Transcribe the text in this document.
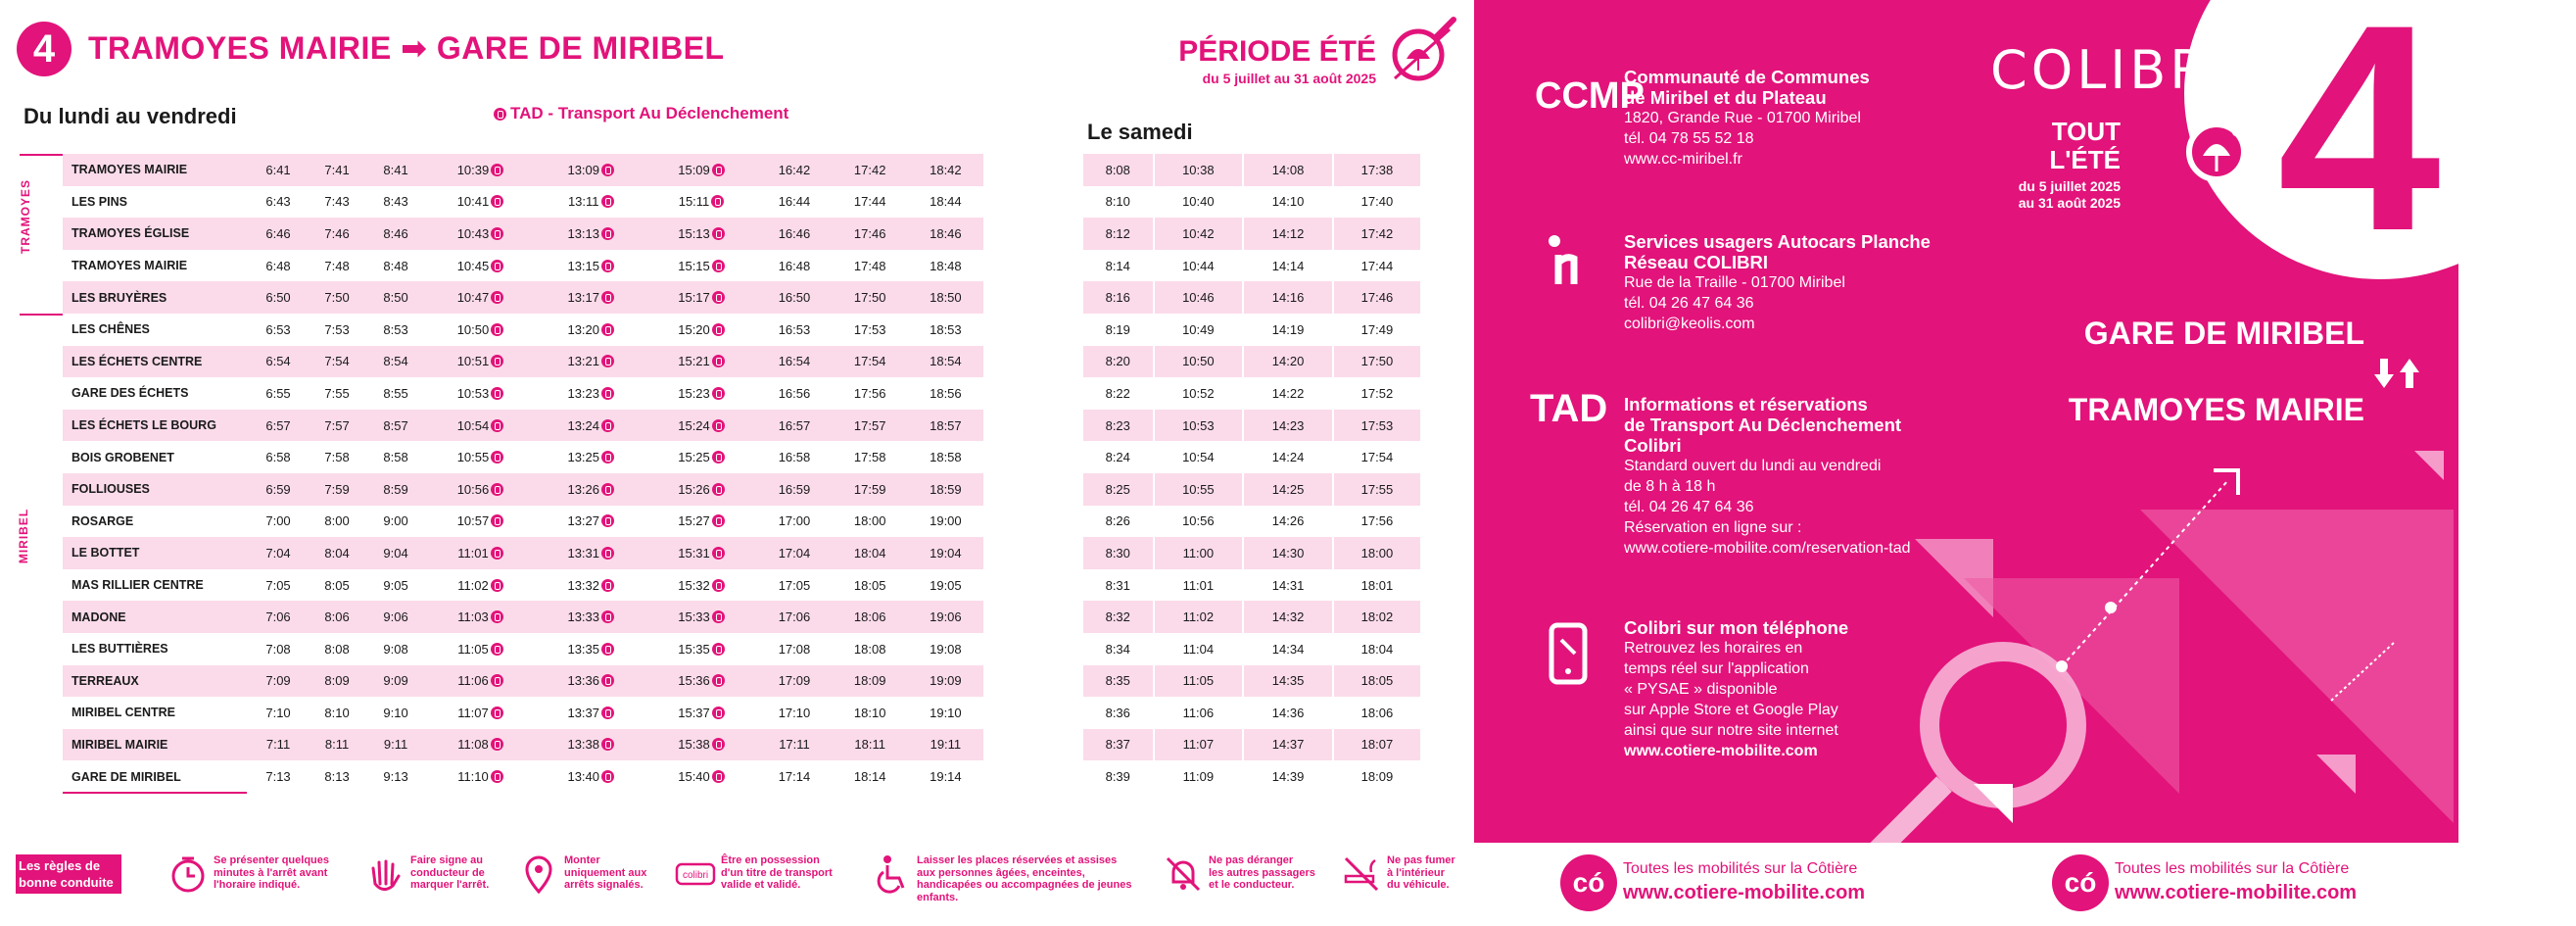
4	TRAMOYES MAIRIE ➡ GARE DE MIRIBEL	PÉRIODE ÉTÉ
du 5 juillet au 31 août 2025
Du lundi au vendredi	TAD - Transport Au Déclenchement
Le samedi
TRAMOYES
MIRIBEL
TRAMOYES MAIRIE	6:41	7:41	8:41	10:39	13:09	15:09	16:42	17:42	18:42
LES PINS	6:43	7:43	8:43	10:41	13:11	15:11	16:44	17:44	18:44
TRAMOYES ÉGLISE	6:46	7:46	8:46	10:43	13:13	15:13	16:46	17:46	18:46
TRAMOYES MAIRIE	6:48	7:48	8:48	10:45	13:15	15:15	16:48	17:48	18:48
LES BRUYÈRES	6:50	7:50	8:50	10:47	13:17	15:17	16:50	17:50	18:50
LES CHÊNES	6:53	7:53	8:53	10:50	13:20	15:20	16:53	17:53	18:53
LES ÉCHETS CENTRE	6:54	7:54	8:54	10:51	13:21	15:21	16:54	17:54	18:54
GARE DES ÉCHETS	6:55	7:55	8:55	10:53	13:23	15:23	16:56	17:56	18:56
LES ÉCHETS LE BOURG	6:57	7:57	8:57	10:54	13:24	15:24	16:57	17:57	18:57
BOIS GROBENET	6:58	7:58	8:58	10:55	13:25	15:25	16:58	17:58	18:58
FOLLIOUSES	6:59	7:59	8:59	10:56	13:26	15:26	16:59	17:59	18:59
ROSARGE	7:00	8:00	9:00	10:57	13:27	15:27	17:00	18:00	19:00
LE BOTTET	7:04	8:04	9:04	11:01	13:31	15:31	17:04	18:04	19:04
MAS RILLIER CENTRE	7:05	8:05	9:05	11:02	13:32	15:32	17:05	18:05	19:05
MADONE	7:06	8:06	9:06	11:03	13:33	15:33	17:06	18:06	19:06
LES BUTTIÈRES	7:08	8:08	9:08	11:05	13:35	15:35	17:08	18:08	19:08
TERREAUX	7:09	8:09	9:09	11:06	13:36	15:36	17:09	18:09	19:09
MIRIBEL CENTRE	7:10	8:10	9:10	11:07	13:37	15:37	17:10	18:10	19:10
MIRIBEL MAIRIE	7:11	8:11	9:11	11:08	13:38	15:38	17:11	18:11	19:11
GARE DE MIRIBEL	7:13	8:13	9:13	11:10	13:40	15:40	17:14	18:14	19:14
8:08	10:38	14:08	17:38
8:10	10:40	14:10	17:40
8:12	10:42	14:12	17:42
8:14	10:44	14:14	17:44
8:16	10:46	14:16	17:46
8:19	10:49	14:19	17:49
8:20	10:50	14:20	17:50
8:22	10:52	14:22	17:52
8:23	10:53	14:23	17:53
8:24	10:54	14:24	17:54
8:25	10:55	14:25	17:55
8:26	10:56	14:26	17:56
8:30	11:00	14:30	18:00
8:31	11:01	14:31	18:01
8:32	11:02	14:32	18:02
8:34	11:04	14:34	18:04
8:35	11:05	14:35	18:05
8:36	11:06	14:36	18:06
8:37	11:07	14:37	18:07
8:39	11:09	14:39	18:09
Les règles de bonne conduite
Se présenter quelques
minutes à l'arrêt avant
l'horaire indiqué.
Faire signe au
conducteur de
marquer l'arrêt.
Monter
uniquement aux
arrêts signalés.
colibri
Être en possession
d'un titre de transport
valide et validé.
Laisser les places réservées et assises
aux personnes âgées, enceintes,
handicapées ou accompagnées de jeunes
enfants.
Ne pas déranger
les autres passagers
et le conducteur.
Ne pas fumer
à l'intérieur
du véhicule.
4
COLIBRI
TOUT
L'ÉTÉ
du 5 juillet 2025
au 31 août 2025
CCMP
Communauté de Communes
de Miribel et du Plateau
1820, Grande Rue - 01700 Miribel
tél. 04 78 55 52 18
www.cc-miribel.fr
Services usagers Autocars Planche
Réseau COLIBRI
Rue de la Traille - 01700 Miribel
tél. 04 26 47 64 36
colibri@keolis.com
TAD Informations et réservations
de Transport Au Déclenchement
Colibri
Standard ouvert du lundi au vendredi
de 8 h à 18 h
tél. 04 26 47 64 36
Réservation en ligne sur :
www.cotiere-mobilite.com/reservation-tad
Colibri sur mon téléphone
Retrouvez les horaires en
temps réel sur l'application
« PYSAE » disponible
sur Apple Store et Google Play
ainsi que sur notre site internet
www.cotiere-mobilite.com
GARE DE MIRIBEL
TRAMOYES MAIRIE
có	Toutes les mobilités sur la Côtière
www.cotiere-mobilite.com	có	Toutes les mobilités sur la Côtière
www.cotiere-mobilite.com
